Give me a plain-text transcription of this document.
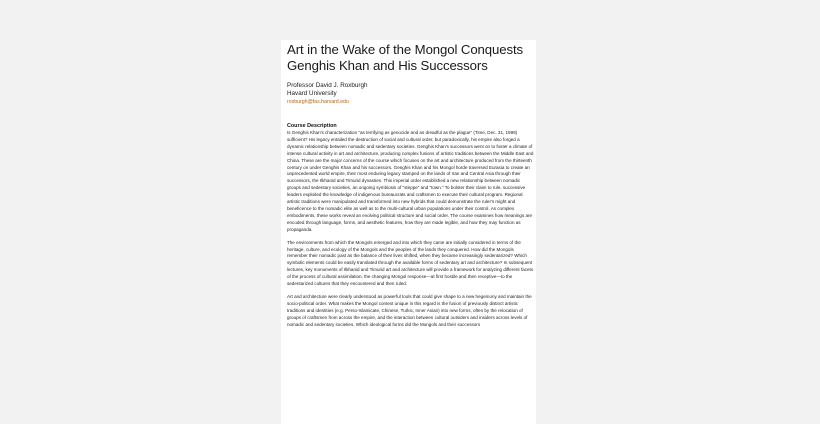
Art in the Wake of the Mongol Conquests
Genghis Khan and His Successors
Professor David J. Roxburgh
Havard University
roxburgh@fas.harvard.edu
Course Description

Is Genghis Khan's characterization "as terrifying as genocide and as dreadful as the plague" (Time, Dec. 31, 1999) sufficient? His legacy entailed the destruction of social and cultural order, but paradoxically, his empire also forged a dynamic relationship between nomadic and sedentary societies. Genghis Khan's successors went on to foster a climate of intense cultural activity in art and architecture, producing complex fusions of artistic traditions between the Middle East and China. These are the major concerns of the course which focuses on the art and architecture produced from the thirteenth century on under Genghis Khan and his successors. Genghis Khan and his Mongol horde traversed Eurasia to create an unprecedented world empire, their most enduring legacy stamped on the lands of Iran and Central Asia through their successors, the Ilkhanid and Timurid dynasties. This imperial order established a new relationship between nomadic groups and sedentary societies, an ongoing symbiosis of "steppe" and "town." To bolster their claim to rule, successive leaders exploited the knowledge of indigenous bureaucrats and craftsmen to execute their cultural program. Regional artistic traditions were manipulated and transformed into new hybrids that could demonstrate the ruler's might and beneficence to the nomadic elite as well as to the multi-cultural urban populations under their control. As complex embodiments, these works reveal an evolving political structure and social order. The course examines how meanings are encoded through language, forms, and aesthetic features, how they are made legible, and how they may function as propaganda.

The environments from which the Mongols emerged and into which they came are initially considered in terms of the heritage, culture, and ecology of the Mongols and the peoples of the lands they conquered. How did the Mongols remember their nomadic past as the balance of their lives shifted, when they became increasingly sedentarized? Which symbolic elements could be easily translated through the available forms of sedentary art and architecture? In subsequent lectures, key monuments of Ilkhanid and Timurid art and architecture will provide a framework for analyzing different facets of the process of cultural assimilation, the changing Mongol response—at first hostile and then receptive—to the sedentarized cultures that they encountered and then ruled.

Art and architecture were clearly understood as powerful tools that could give shape to a new hegemony and maintain the socio-political order. What makes the Mongol context unique in this regard is the fusion of previously distinct artistic traditions and identities (e.g. Perso-Islamicate, Chinese, Turkic, Inner Asian) into new forms, often by the relocation of groups of craftsmen from across the empire, and the interaction between cultural outsiders and insiders across levels of nomadic and sedentary societies. Which ideological forms did the Mongols and their successors
